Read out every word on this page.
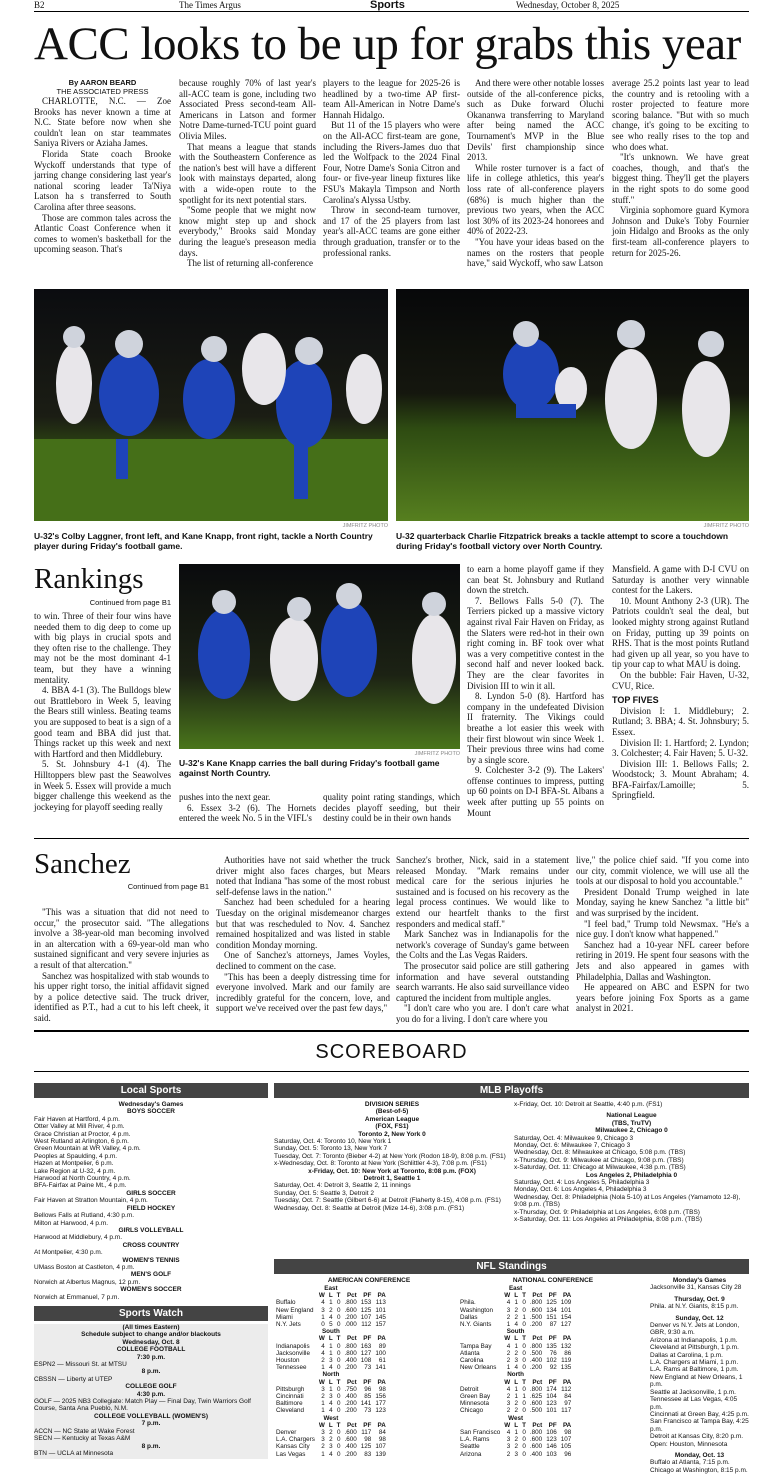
B2	The Times Argus	Sports	Wednesday, October 8, 2025
ACC looks to be up for grabs this year
By AARON BEARD
THE ASSOCIATED PRESS

CHARLOTTE, N.C. — Zoe Brooks has never known a time at N.C. State before now when she couldn't lean on star teammates Saniya Rivers or Aziaha James.

Florida State coach Brooke Wyckoff understands that type of jarring change considering last year's national scoring leader Ta'Niya Latson ha s transferred to South Carolina after three seasons.

Those are common tales across the Atlantic Coast Conference when it comes to women's basketball for the upcoming season. That's

because roughly 70% of last year's all-ACC team is gone, including two Associated Press second-team All-Americans in Latson and former Notre Dame-turned-TCU point guard Olivia Miles.

That means a league that stands with the Southeastern Conference as the nation's best will have a different look with mainstays departed, along with a wide-open route to the spotlight for its next potential stars.

"Some people that we might now know might step up and shock everybody," Brooks said Monday during the league's preseason media days.

The list of returning all-conference

players to the league for 2025-26 is headlined by a two-time AP first-team All-American in Notre Dame's Hannah Hidalgo.

But 11 of the 15 players who were on the All-ACC first-team are gone, including the Rivers-James duo that led the Wolfpack to the 2024 Final Four, Notre Dame's Sonia Citron and four- or five-year lineup fixtures like FSU's Makayla Timpson and North Carolina's Alyssa Ustby.

Throw in second-team turnover, and 17 of the 25 players from last year's all-ACC teams are gone either through graduation, transfer or to the professional ranks.

And there were other notable losses outside of the all-conference picks, such as Duke forward Oluchi Okananwa transferring to Maryland after being named the ACC Tournament's MVP in the Blue Devils' first championship since 2013.

While roster turnover is a fact of life in college athletics, this year's loss rate of all-conference players (68%) is much higher than the previous two years, when the ACC lost 30% of its 2023-24 honorees and 40% of 2022-23.

"You have your ideas based on the names on the rosters that people have," said Wyckoff, who saw Latson

average 25.2 points last year to lead the country and is retooling with a roster projected to feature more scoring balance. "But with so much change, it's going to be exciting to see who really rises to the top and who does what.

"It's unknown. We have great coaches, though, and that's the biggest thing. They'll get the players in the right spots to do some good stuff."

Virginia sophomore guard Kymora Johnson and Duke's Toby Fournier join Hidalgo and Brooks as the only first-team all-conference players to return for 2025-26.

JIMFRITZ PHOTO	JIMFRITZ PHOTO
U-32's Colby Laggner, front left, and Kane Knapp, front right, tackle a North Country player during Friday's football game.
U-32 quarterback Charlie Fitzpatrick breaks a tackle attempt to score a touchdown during Friday's football victory over North Country.
Rankings
Continued from page B1

to win. Three of their four wins have needed them to dig deep to come up with big plays in crucial spots and they often rise to the challenge. They may not be the most dominant 4-1 team, but they have a winning mentality.

4. BBA 4-1 (3). The Bulldogs blew out Brattleboro in Week 5, leaving the Bears still winless. Beating teams you are supposed to beat is a sign of a good team and BBA did just that. Things racket up this week and next with Hartford and then Middlebury.

5. St. Johnsbury 4-1 (4). The Hilltoppers blew past the Seawolves in Week 5. Essex will provide a much bigger challenge this weekend as the jockeying for playoff seeding really

JIMFRITZ PHOTO
U-32's Kane Knapp carries the ball during Friday's football game against North Country.

pushes into the next gear.

6. Essex 3-2 (6). The Hornets entered the week No. 5 in the VIFL's

quality point rating standings, which decides playoff seeding, but their destiny could be in their own hands

to earn a home playoff game if they can beat St. Johnsbury and Rutland down the stretch.

7. Bellows Falls 5-0 (7). The Terriers picked up a massive victory against rival Fair Haven on Friday, as the Slaters were red-hot in their own right coming in. BF took over what was a very competitive contest in the second half and never looked back. They are the clear favorites in Division III to win it all.

8. Lyndon 5-0 (8). Hartford has company in the undefeated Division II fraternity. The Vikings could breathe a lot easier this week with their first blowout win since Week 1. Their previous three wins had come by a single score.

9. Colchester 3-2 (9). The Lakers' offense continues to impress, putting up 60 points on D-I BFA-St. Albans a week after putting up 55 points on Mount

Mansfield. A game with D-I CVU on Saturday is another very winnable contest for the Lakers.

10. Mount Anthony 2-3 (UR). The Patriots couldn't seal the deal, but looked mighty strong against Rutland on Friday, putting up 39 points on RHS. That is the most points Rutland had given up all year, so you have to tip your cap to what MAU is doing.

On the bubble: Fair Haven, U-32, CVU, Rice.

TOP FIVES

Division I: 1. Middlebury; 2. Rutland; 3. BBA; 4. St. Johnsbury; 5. Essex.

Division II: 1. Hartford; 2. Lyndon; 3. Colchester; 4. Fair Haven; 5. U-32.

Division III: 1. Bellows Falls; 2. Woodstock; 3. Mount Abraham; 4. BFA-Fairfax/Lamoille; 5. Springfield.

Sanchez
Continued from page B1

"This was a situation that did not need to occur," the prosecutor said. "The allegations involve a 38-year-old man becoming involved in an altercation with a 69-year-old man who sustained significant and very severe injuries as a result of that altercation."

Sanchez was hospitalized with stab wounds to his upper right torso, the initial affidavit signed by a police detective said. The truck driver, identified as P.T., had a cut to his left cheek, it said.

Authorities have not said whether the truck driver might also faces charges, but Mears noted that Indiana "has some of the most robust self-defense laws in the nation."

Sanchez had been scheduled for a hearing Tuesday on the original misdemeanor charges but that was rescheduled to Nov. 4. Sanchez remained hospitalized and was listed in stable condition Monday morning.

One of Sanchez's attorneys, James Voyles, declined to comment on the case.

"This has been a deeply distressing time for everyone involved. Mark and our family are incredibly grateful for the concern, love, and support we've received over the past few days,"

Sanchez's brother, Nick, said in a statement released Monday. "Mark remains under medical care for the serious injuries he sustained and is focused on his recovery as the legal process continues. We would like to extend our heartfelt thanks to the first responders and medical staff."

Mark Sanchez was in Indianapolis for the network's coverage of Sunday's game between the Colts and the Las Vegas Raiders.

The prosecutor said police are still gathering information and have several outstanding search warrants. He also said surveillance video captured the incident from multiple angles.

"I don't care who you are. I don't care what you do for a living. I don't care where you

live," the police chief said. "If you come into our city, commit violence, we will use all the tools at our disposal to hold you accountable."

President Donald Trump weighed in late Monday, saying he knew Sanchez "a little bit" and was surprised by the incident.

"I feel bad," Trump told Newsmax. "He's a nice guy. I don't know what happened."

Sanchez had a 10-year NFL career before retiring in 2019. He spent four seasons with the Jets and also appeared in games with Philadelphia, Dallas and Washington.

He appeared on ABC and ESPN for two years before joining Fox Sports as a game analyst in 2021.

SCOREBOARD
Local Sports
Wednesday's Games
BOYS SOCCER
Fair Haven at Hartford, 4 p.m.
Otter Valley at Mill River, 4 p.m.
Grace Christian at Proctor, 4 p.m.
West Rutland at Arlington, 6 p.m.
Green Mountain at WR Valley, 4 p.m.
Peoples at Spaulding, 4 p.m.
Hazen at Montpelier, 6 p.m.
Lake Region at U-32, 4 p.m.
Harwood at North Country, 4 p.m.
BFA-Fairfax at Paine Mt., 4 p.m.
GIRLS SOCCER
Fair Haven at Stratton Mountain, 4 p.m.
FIELD HOCKEY
Bellows Falls at Rutland, 4:30 p.m.
Milton at Harwood, 4 p.m.
GIRLS VOLLEYBALL
Harwood at Middlebury, 4 p.m.
CROSS COUNTRY
At Montpelier, 4:30 p.m.
WOMEN'S TENNIS
UMass Boston at Castleton, 4 p.m.
MEN'S GOLF
Norwich at Albertus Magnus, 12 p.m.
WOMEN'S SOCCER
Norwich at Emmanuel, 7 p.m.
Sports Watch
(All times Eastern)
Schedule subject to change and/or blackouts
Wednesday, Oct. 8
COLLEGE FOOTBALL
7:30 p.m.
ESPN2 — Missouri St. at MTSU
8 p.m.
CBSSN — Liberty at UTEP
COLLEGE GOLF
4:30 p.m.
GOLF — 2025 NB3 Collegiate: Match Play — Final Day, Twin Warriors Golf Course, Santa Ana Pueblo, N.M.
COLLEGE VOLLEYBALL (WOMEN'S)
7 p.m.
ACCN — NC State at Wake Forest
SECN — Kentucky at Texas A&M
8 p.m.
BTN — UCLA at Minnesota
MLB Playoffs
DIVISION SERIES
(Best-of-5)
American League
(FOX, FS1)
Toronto 2, New York 0
Saturday, Oct. 4: Toronto 10, New York 1
Sunday, Oct. 5: Toronto 13, New York 7
Tuesday, Oct. 7: Toronto (Bieber 4-2) at New York (Rodon 18-9), 8:08 p.m. (FS1)
x-Wednesday, Oct. 8: Toronto at New York (Schlittler 4-3), 7:08 p.m. (FS1)
x-Friday, Oct. 10: New York at Toronto, 8:08 p.m. (FOX)
Detroit 1, Seattle 1
Saturday, Oct. 4: Detroit 3, Seattle 2, 11 innings
Sunday, Oct. 5: Seattle 3, Detroit 2
Tuesday, Oct. 7: Seattle (Gilbert 6-6) at Detroit (Flaherty 8-15), 4:08 p.m. (FS1)
Wednesday, Oct. 8: Seattle at Detroit (Mize 14-6), 3:08 p.m. (FS1)
x-Friday, Oct. 10: Detroit at Seattle, 4:40 p.m. (FS1)
National League
(TBS, TruTV)
Milwaukee 2, Chicago 0
Saturday, Oct. 4: Milwaukee 9, Chicago 3
Monday, Oct. 6: Milwaukee 7, Chicago 3
Wednesday, Oct. 8: Milwaukee at Chicago, 5:08 p.m. (TBS)
x-Thursday, Oct. 9: Milwaukee at Chicago, 9:08 p.m. (TBS)
x-Saturday, Oct. 11: Chicago at Milwaukee, 4:38 p.m. (TBS)
Los Angeles 2, Philadelphia 0
Saturday, Oct. 4: Los Angeles 5, Philadelphia 3
Monday, Oct. 6: Los Angeles 4, Philadelphia 3
Wednesday, Oct. 8: Philadelphia (Nola 5-10) at Los Angeles (Yamamoto 12-8), 9:08 p.m. (TBS)
x-Thursday, Oct. 9: Philadelphia at Los Angeles, 6:08 p.m. (TBS)
x-Saturday, Oct. 11: Los Angeles at Philadelphia, 8:08 p.m. (TBS)
NFL Standings
AMERICAN CONFERENCE	NATIONAL CONFERENCE
East						
	W	L	T	Pct	PF	PA
Buffalo	4	1	0	.800	153	113
New England	3	2	0	.600	125	101
Miami	1	4	0	.200	107	145
N.Y. Jets	0	5	0	.000	112	157
South						
	W	L	T	Pct	PF	PA
Indianapolis	4	1	0	.800	163	89
Jacksonville	4	1	0	.800	127	100
Houston	2	3	0	.400	108	61
Tennessee	1	4	0	.200	73	141
North						
	W	L	T	Pct	PF	PA
Pittsburgh	3	1	0	.750	96	98
Cincinnati	2	3	0	.400	85	156
Baltimore	1	4	0	.200	141	177
Cleveland	1	4	0	.200	73	123
West						
	W	L	T	Pct	PF	PA
Denver	3	2	0	.600	117	84
L.A. Chargers	3	2	0	.600	98	98
Kansas City	2	3	0	.400	125	107
Las Vegas	1	4	0	.200	83	139
East						
	W	L	T	Pct	PF	PA
Phila.	4	1	0	.800	125	109
Washington	3	2	0	.600	134	101
Dallas	2	2	1	.500	151	154
N.Y. Giants	1	4	0	.200	87	127
South						
	W	L	T	Pct	PF	PA
Tampa Bay	4	1	0	.800	135	132
Atlanta	2	2	0	.500	76	86
Carolina	2	3	0	.400	102	119
New Orleans	1	4	0	.200	92	135
North						
	W	L	T	Pct	PF	PA
Detroit	4	1	0	.800	174	112
Green Bay	2	1	1	.625	104	84
Minnesota	3	2	0	.600	123	97
Chicago	2	2	0	.500	101	117
West						
	W	L	T	Pct	PF	PA
San Francisco	4	1	0	.800	106	98
L.A. Rams	3	2	0	.600	123	107
Seattle	3	2	0	.600	146	105
Arizona	2	3	0	.400	103	96
Monday's Games
Jacksonville 31, Kansas City 28
Thursday, Oct. 9
Phila. at N.Y. Giants, 8:15 p.m.
Sunday, Oct. 12
Denver vs N.Y. Jets at London, GBR, 9:30 a.m.
Arizona at Indianapolis, 1 p.m.
Cleveland at Pittsburgh, 1 p.m.
Dallas at Carolina, 1 p.m.
L.A. Chargers at Miami, 1 p.m.
L.A. Rams at Baltimore, 1 p.m.
New England at New Orleans, 1 p.m.
Seattle at Jacksonville, 1 p.m.
Tennessee at Las Vegas, 4:05 p.m.
Cincinnati at Green Bay, 4:25 p.m.
San Francisco at Tampa Bay, 4:25 p.m.
Detroit at Kansas City, 8:20 p.m.
Open: Houston, Minnesota
Monday, Oct. 13
Buffalo at Atlanta, 7:15 p.m.
Chicago at Washington, 8:15 p.m.
